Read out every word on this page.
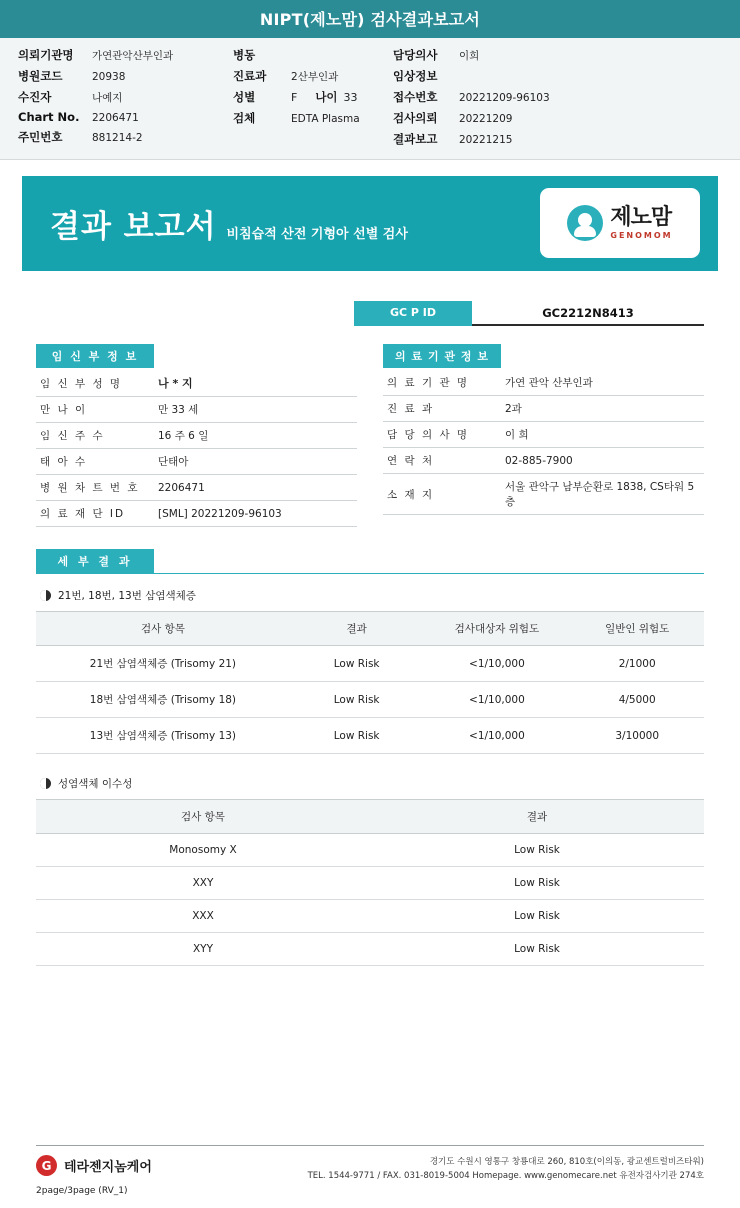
NIPT(제노맘) 검사결과보고서
의뢰기관명	가연관악산부인과
병원코드	20938
수진자	나예지
Chart No.	2206471
주민번호	881214-2
병동
진료과	2산부인과
성별	F 나이 33
검체	EDTA Plasma
담당의사	이희
임상정보
접수번호	20221209-96103
검사의뢰	20221209
결과보고	20221215
결과 보고서 비침습적 산전 기형아 선별 검사
제노맘
GENOMOM
GC P ID	GC2212N8413
임 신 부 정 보
임 신 부 성 명	나 * 지
만 나 이	만 33 세
임 신 주 수	16 주 6 일
태 아 수	단태아
병 원 차 트 번 호	2206471
의 료 재 단 ID	[SML] 20221209-96103
의 료 기 관 정 보
의 료 기 관 명	가연 관악 산부인과
진 료 과	2과
담 당 의 사 명	이 희
연 락 처	02-885-7900
소 재 지	서울 관악구 남부순환로 1838, CS타워 5층
세 부 결 과
21번, 18번, 13번 삼염색체증
검사 항목	결과	검사대상자 위험도	일반인 위험도
21번 삼염색체증 (Trisomy 21)	Low Risk	<1/10,000	2/1000
18번 삼염색체증 (Trisomy 18)	Low Risk	<1/10,000	4/5000
13번 삼염색체증 (Trisomy 13)	Low Risk	<1/10,000	3/10000
성염색체 이수성
검사 항목	결과
Monosomy X	Low Risk
XXY	Low Risk
XXX	Low Risk
XYY	Low Risk
G 테라젠지놈케어
2page/3page (RV_1)
경기도 수원시 영통구 창룡대로 260, 810호(이의동, 광교센트럴비즈타워)
TEL. 1544-9771 / FAX. 031-8019-5004 Homepage. www.genomecare.net 유전자검사기관 274호
